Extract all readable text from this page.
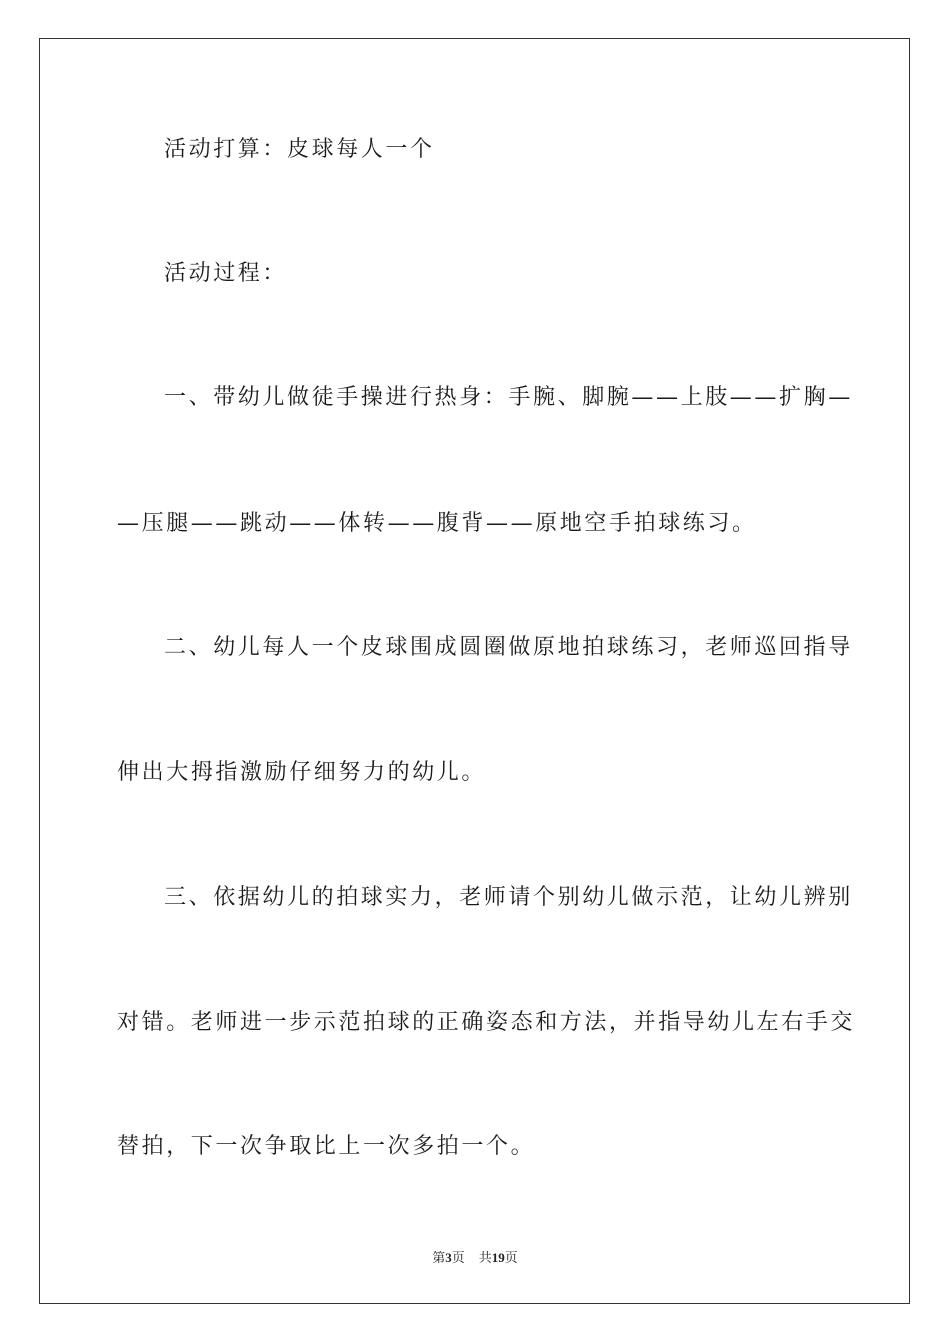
活动打算：皮球每人一个
活动过程：
一、带幼儿做徒手操进行热身：手腕、脚腕——上肢——扩胸—
—压腿——跳动——体转——腹背——原地空手拍球练习。
二、幼儿每人一个皮球围成圆圈做原地拍球练习，老师巡回指导
伸出大拇指激励仔细努力的幼儿。
三、依据幼儿的拍球实力，老师请个别幼儿做示范，让幼儿辨别
对错。老师进一步示范拍球的正确姿态和方法，并指导幼儿左右手交
替拍，下一次争取比上一次多拍一个。
第3页 共19页
